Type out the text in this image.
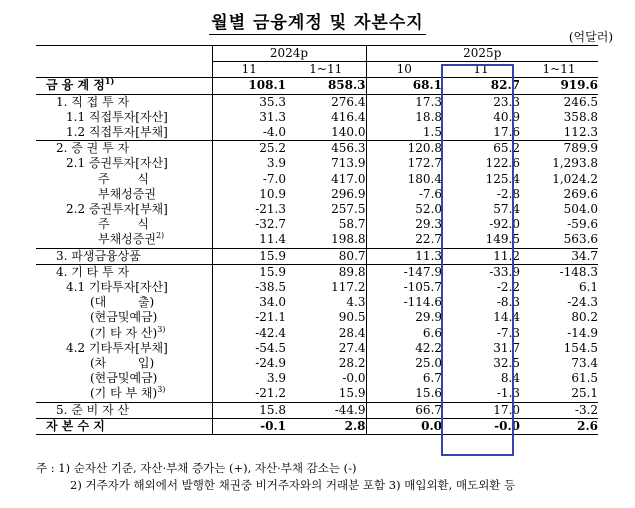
월별 금융계정 및 자본수지
(억달러)
	2024p		2025p		
	11	1~11	10	11	1~11
금 융 계 정$^{1)}$	108.1	858.3	68.1	82.7	919.6
1. 직 접 투 자	35.3	276.4	17.3	23.3	246.5
1.1 직접투자[자산]	31.3	416.4	18.8	40.9	358.8
1.2 직접투자[부채]	-4.0	140.0	1.5	17.6	112.3
2. 증 권 투 자	25.2	456.3	120.8	65.2	789.9
2.1 증권투자[자산]	3.9	713.9	172.7	122.6	1,293.8
주 　　식	-7.0	417.0	180.4	125.4	1,024.2
부채성증권	10.9	296.9	-7.6	-2.8	269.6
2.2 증권투자[부채]	-21.3	257.5	52.0	57.4	504.0
주 　　식	-32.7	58.7	29.3	-92.0	-59.6
부채성증권$^{2)}$	11.4	198.8	22.7	149.5	563.6
3. 파생금융상품	15.9	80.7	11.3	11.2	34.7
4. 기 타 투 자	15.9	89.8	-147.9	-33.9	-148.3
4.1 기타투자[자산]	-38.5	117.2	-105.7	-2.2	6.1
(대 　　 출)	34.0	4.3	-114.6	-8.3	-24.3
(현금및예금)	-21.1	90.5	29.9	14.4	80.2
(기 타 자 산)$^{3)}$	-42.4	28.4	6.6	-7.3	-14.9
4.2 기타투자[부채]	-54.5	27.4	42.2	31.7	154.5
(차 　　 입)	-24.9	28.2	25.0	32.5	73.4
(현금및예금)	3.9	-0.0	6.7	8.4	61.5
(기 타 부 채)$^{3)}$	-21.2	15.9	15.6	-1.3	25.1
5. 준 비 자 산	15.8	-44.9	66.7	17.0	-3.2
자 본 수 지	-0.1	2.8	0.0	-0.0	2.6
주 : 1) 순자산 기준, 자산·부채 증가는 (+), 자산·부채 감소는 (-)
2) 거주자가 해외에서 발행한 채권중 비거주자와의 거래분 포함 3) 매입외환, 매도외환 등
